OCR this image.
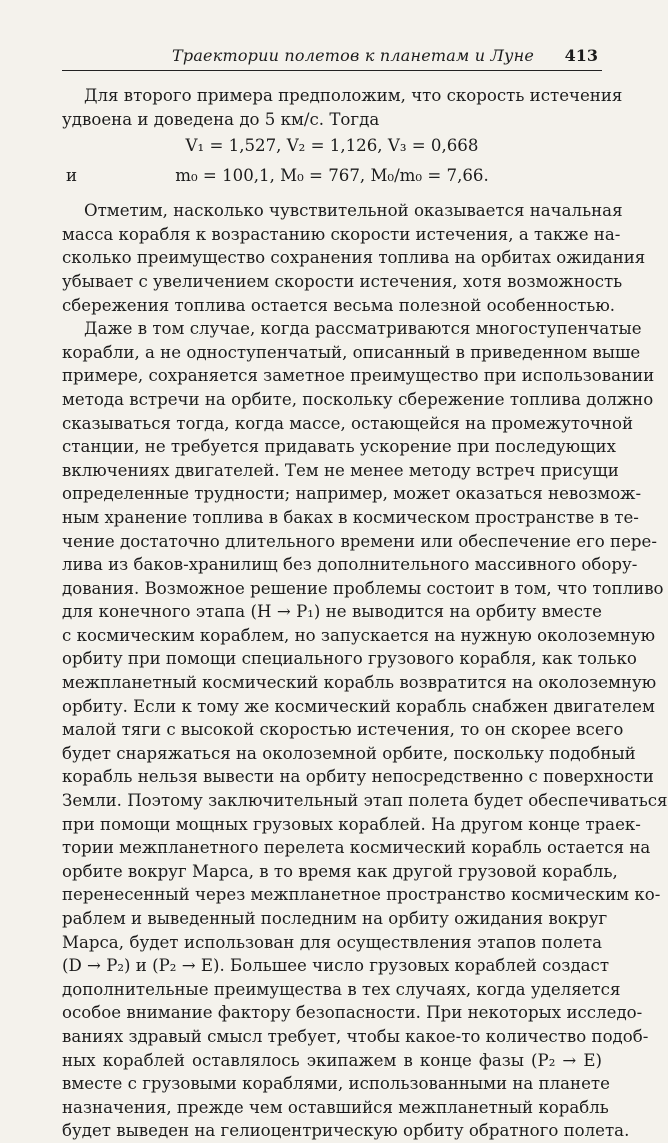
Траектории полетов к планетам и Луне 413
Для второго примера предположим, что скорость истечения
удвоена и доведена до 5 км/с. Тогда
V₁ = 1,527, V₂ = 1,126, V₃ = 0,668
и	m₀ = 100,1, M₀ = 767, M₀/m₀ = 7,66.
Отметим, насколько чувствительной оказывается начальная
масса корабля к возрастанию скорости истечения, а также на-
сколько преимущество сохранения топлива на орбитах ожидания
убывает с увеличением скорости истечения, хотя возможность
сбережения топлива остается весьма полезной особенностью.
Даже в том случае, когда рассматриваются многоступенчатые
корабли, а не одноступенчатый, описанный в приведенном выше
примере, сохраняется заметное преимущество при использовании
метода встречи на орбите, поскольку сбережение топлива должно
сказываться тогда, когда массе, остающейся на промежуточной
станции, не требуется придавать ускорение при последующих
включениях двигателей. Тем не менее методу встреч присущи
определенные трудности; например, может оказаться невозмож-
ным хранение топлива в баках в космическом пространстве в те-
чение достаточно длительного времени или обеспечение его пере-
лива из баков-хранилищ без дополнительного массивного обору-
дования. Возможное решение проблемы состоит в том, что топливо
для конечного этапа (H → P₁) не выводится на орбиту вместе
с космическим кораблем, но запускается на нужную околоземную
орбиту при помощи специального грузового корабля, как только
межпланетный космический корабль возвратится на околоземную
орбиту. Если к тому же космический корабль снабжен двигателем
малой тяги с высокой скоростью истечения, то он скорее всего
будет снаряжаться на околоземной орбите, поскольку подобный
корабль нельзя вывести на орбиту непосредственно с поверхности
Земли. Поэтому заключительный этап полета будет обеспечиваться
при помощи мощных грузовых кораблей. На другом конце траек-
тории межпланетного перелета космический корабль остается на
орбите вокруг Марса, в то время как другой грузовой корабль,
перенесенный через межпланетное пространство космическим ко-
раблем и выведенный последним на орбиту ожидания вокруг
Марса, будет использован для осуществления этапов полета
(D → P₂) и (P₂ → E). Большее число грузовых кораблей создаст
дополнительные преимущества в тех случаях, когда уделяется
особое внимание фактору безопасности. При некоторых исследо-
ваниях здравый смысл требует, чтобы какое-то количество подоб-
ных кораблей оставлялось экипажем в конце фазы (P₂ → E)
вместе с грузовыми кораблями, использованными на планете
назначения, прежде чем оставшийся межпланетный корабль
будет выведен на гелиоцентрическую орбиту обратного полета.
